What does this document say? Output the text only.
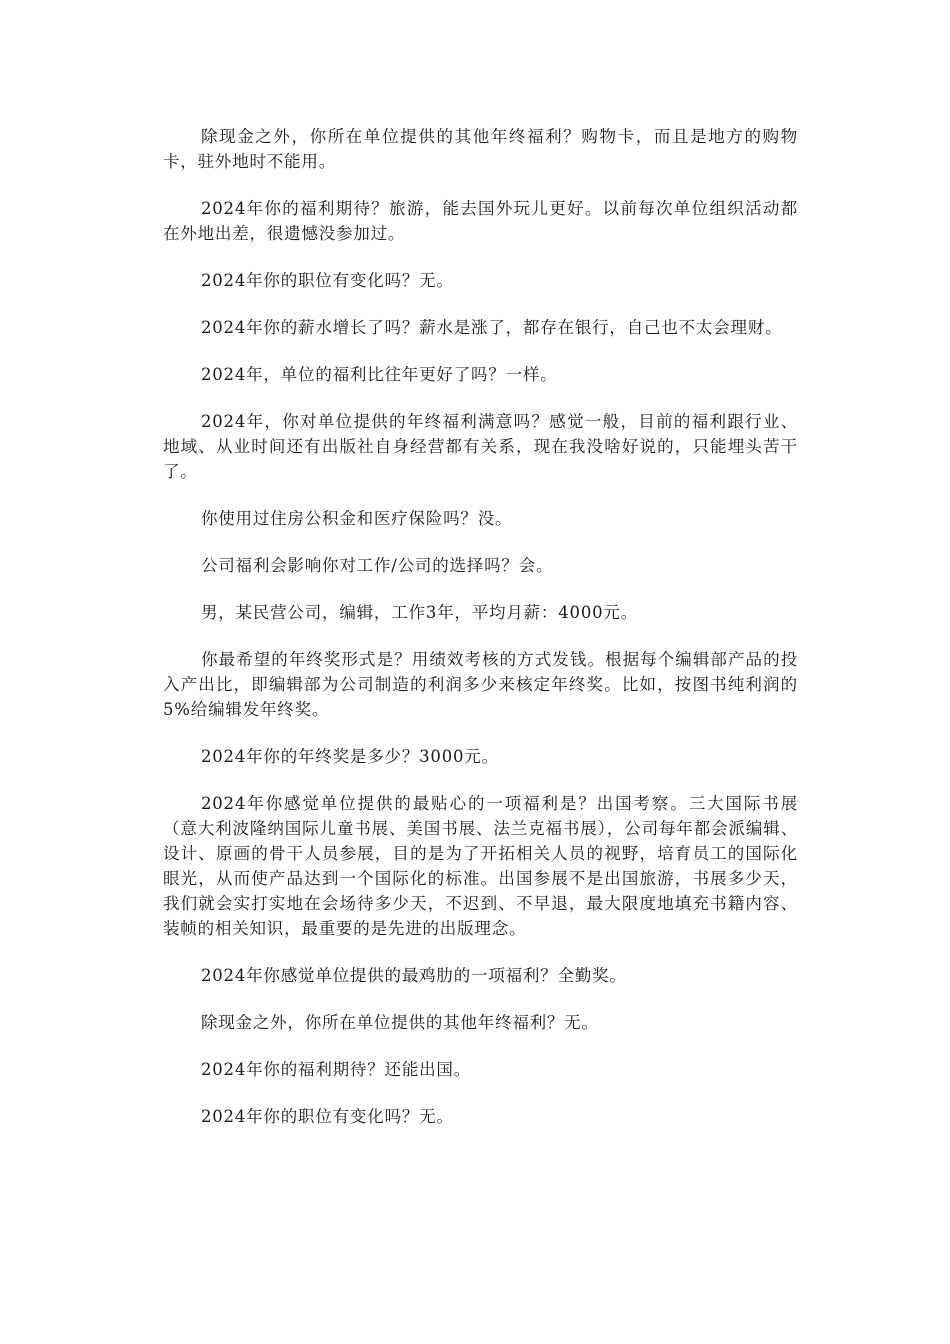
除现金之外，你所在单位提供的其他年终福利？购物卡，而且是地方的购物卡，驻外地时不能用。

2024年你的福利期待？旅游，能去国外玩儿更好。以前每次单位组织活动都在外地出差，很遗憾没参加过。

2024年你的职位有变化吗？无。

2024年你的薪水增长了吗？薪水是涨了，都存在银行，自己也不太会理财。

2024年，单位的福利比往年更好了吗？一样。

2024年，你对单位提供的年终福利满意吗？感觉一般，目前的福利跟行业、地域、从业时间还有出版社自身经营都有关系，现在我没啥好说的，只能埋头苦干了。

你使用过住房公积金和医疗保险吗？没。

公司福利会影响你对工作/公司的选择吗？会。

男，某民营公司，编辑，工作3年，平均月薪：4000元。

你最希望的年终奖形式是？用绩效考核的方式发钱。根据每个编辑部产品的投入产出比，即编辑部为公司制造的利润多少来核定年终奖。比如，按图书纯利润的5%给编辑发年终奖。

2024年你的年终奖是多少？3000元。

2024年你感觉单位提供的最贴心的一项福利是？出国考察。三大国际书展（意大利波隆纳国际儿童书展、美国书展、法兰克福书展），公司每年都会派编辑、设计、原画的骨干人员参展，目的是为了开拓相关人员的视野，培育员工的国际化眼光，从而使产品达到一个国际化的标准。出国参展不是出国旅游，书展多少天，我们就会实打实地在会场待多少天，不迟到、不早退，最大限度地填充书籍内容、装帧的相关知识，最重要的是先进的出版理念。

2024年你感觉单位提供的最鸡肋的一项福利？全勤奖。

除现金之外，你所在单位提供的其他年终福利？无。

2024年你的福利期待？还能出国。

2024年你的职位有变化吗？无。
